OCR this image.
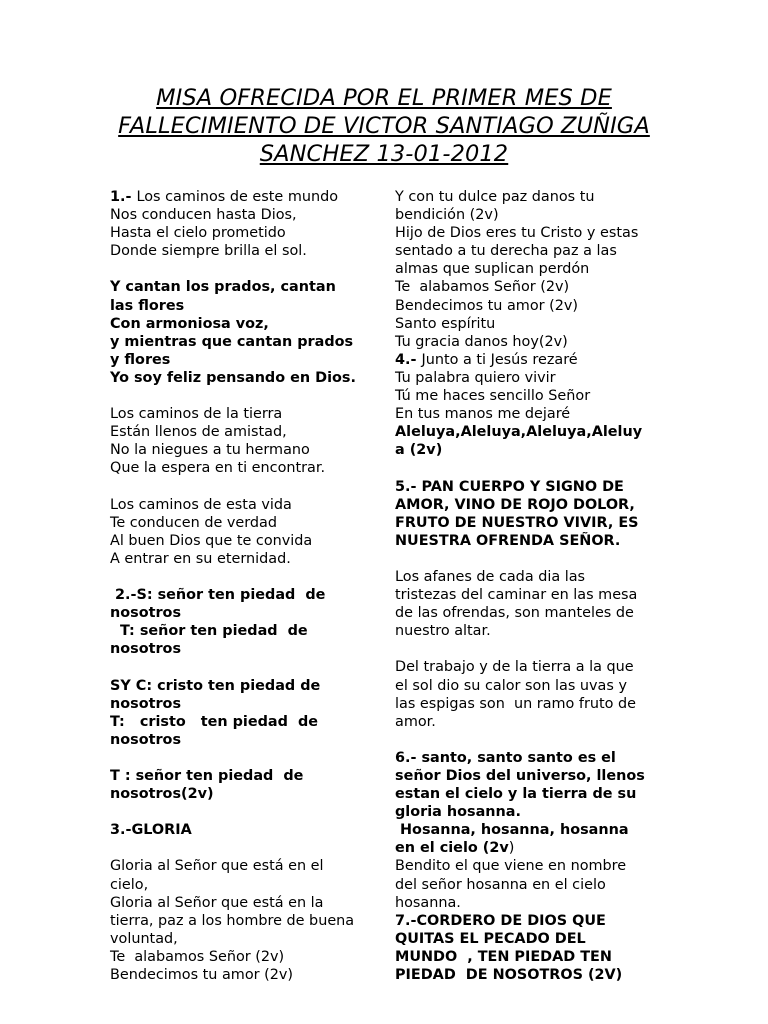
MISA OFRECIDA POR EL PRIMER MES DE
FALLECIMIENTO DE VICTOR SANTIAGO ZUÑIGA
SANCHEZ 13-01-2012
1.- Los caminos de este mundo
Nos conducen hasta Dios,
Hasta el cielo prometido
Donde siempre brilla el sol.
Y cantan los prados, cantan
las flores
Con armoniosa voz,
y mientras que cantan prados
y flores
Yo soy feliz pensando en Dios.
Los caminos de la tierra
Están llenos de amistad,
No la niegues a tu hermano
Que la espera en ti encontrar.
Los caminos de esta vida
Te conducen de verdad
Al buen Dios que te convida
A entrar en su eternidad.
2.-S: señor ten piedad  de
nosotros
T: señor ten piedad  de
nosotros
SY C: cristo ten piedad de
nosotros
T:   cristo   ten piedad  de
nosotros
T : señor ten piedad  de
nosotros(2v)
3.-GLORIA
Gloria al Señor que está en el
cielo,
Gloria al Señor que está en la
tierra, paz a los hombre de buena
voluntad,
Te  alabamos Señor (2v)
Bendecimos tu amor (2v)
Y con tu dulce paz danos tu
bendición (2v)
Hijo de Dios eres tu Cristo y estas
sentado a tu derecha paz a las
almas que suplican perdón
Te  alabamos Señor (2v)
Bendecimos tu amor (2v)
Santo espíritu
Tu gracia danos hoy(2v)
4.- Junto a ti Jesús rezaré
Tu palabra quiero vivir
Tú me haces sencillo Señor
En tus manos me dejaré
Aleluya,Aleluya,Aleluya,Aleluy
a (2v)
5.- PAN CUERPO Y SIGNO DE
AMOR, VINO DE ROJO DOLOR,
FRUTO DE NUESTRO VIVIR, ES
NUESTRA OFRENDA SEÑOR.
Los afanes de cada dia las
tristezas del caminar en las mesa
de las ofrendas, son manteles de
nuestro altar.
Del trabajo y de la tierra a la que
el sol dio su calor son las uvas y
las espigas son  un ramo fruto de
amor.
6.- santo, santo santo es el
señor Dios del universo, llenos
estan el cielo y la tierra de su
gloria hosanna.
Hosanna, hosanna, hosanna
en el cielo (2v)
Bendito el que viene en nombre
del señor hosanna en el cielo
hosanna.
7.-CORDERO DE DIOS QUE
QUITAS EL PECADO DEL
MUNDO  , TEN PIEDAD TEN
PIEDAD  DE NOSOTROS (2V)
